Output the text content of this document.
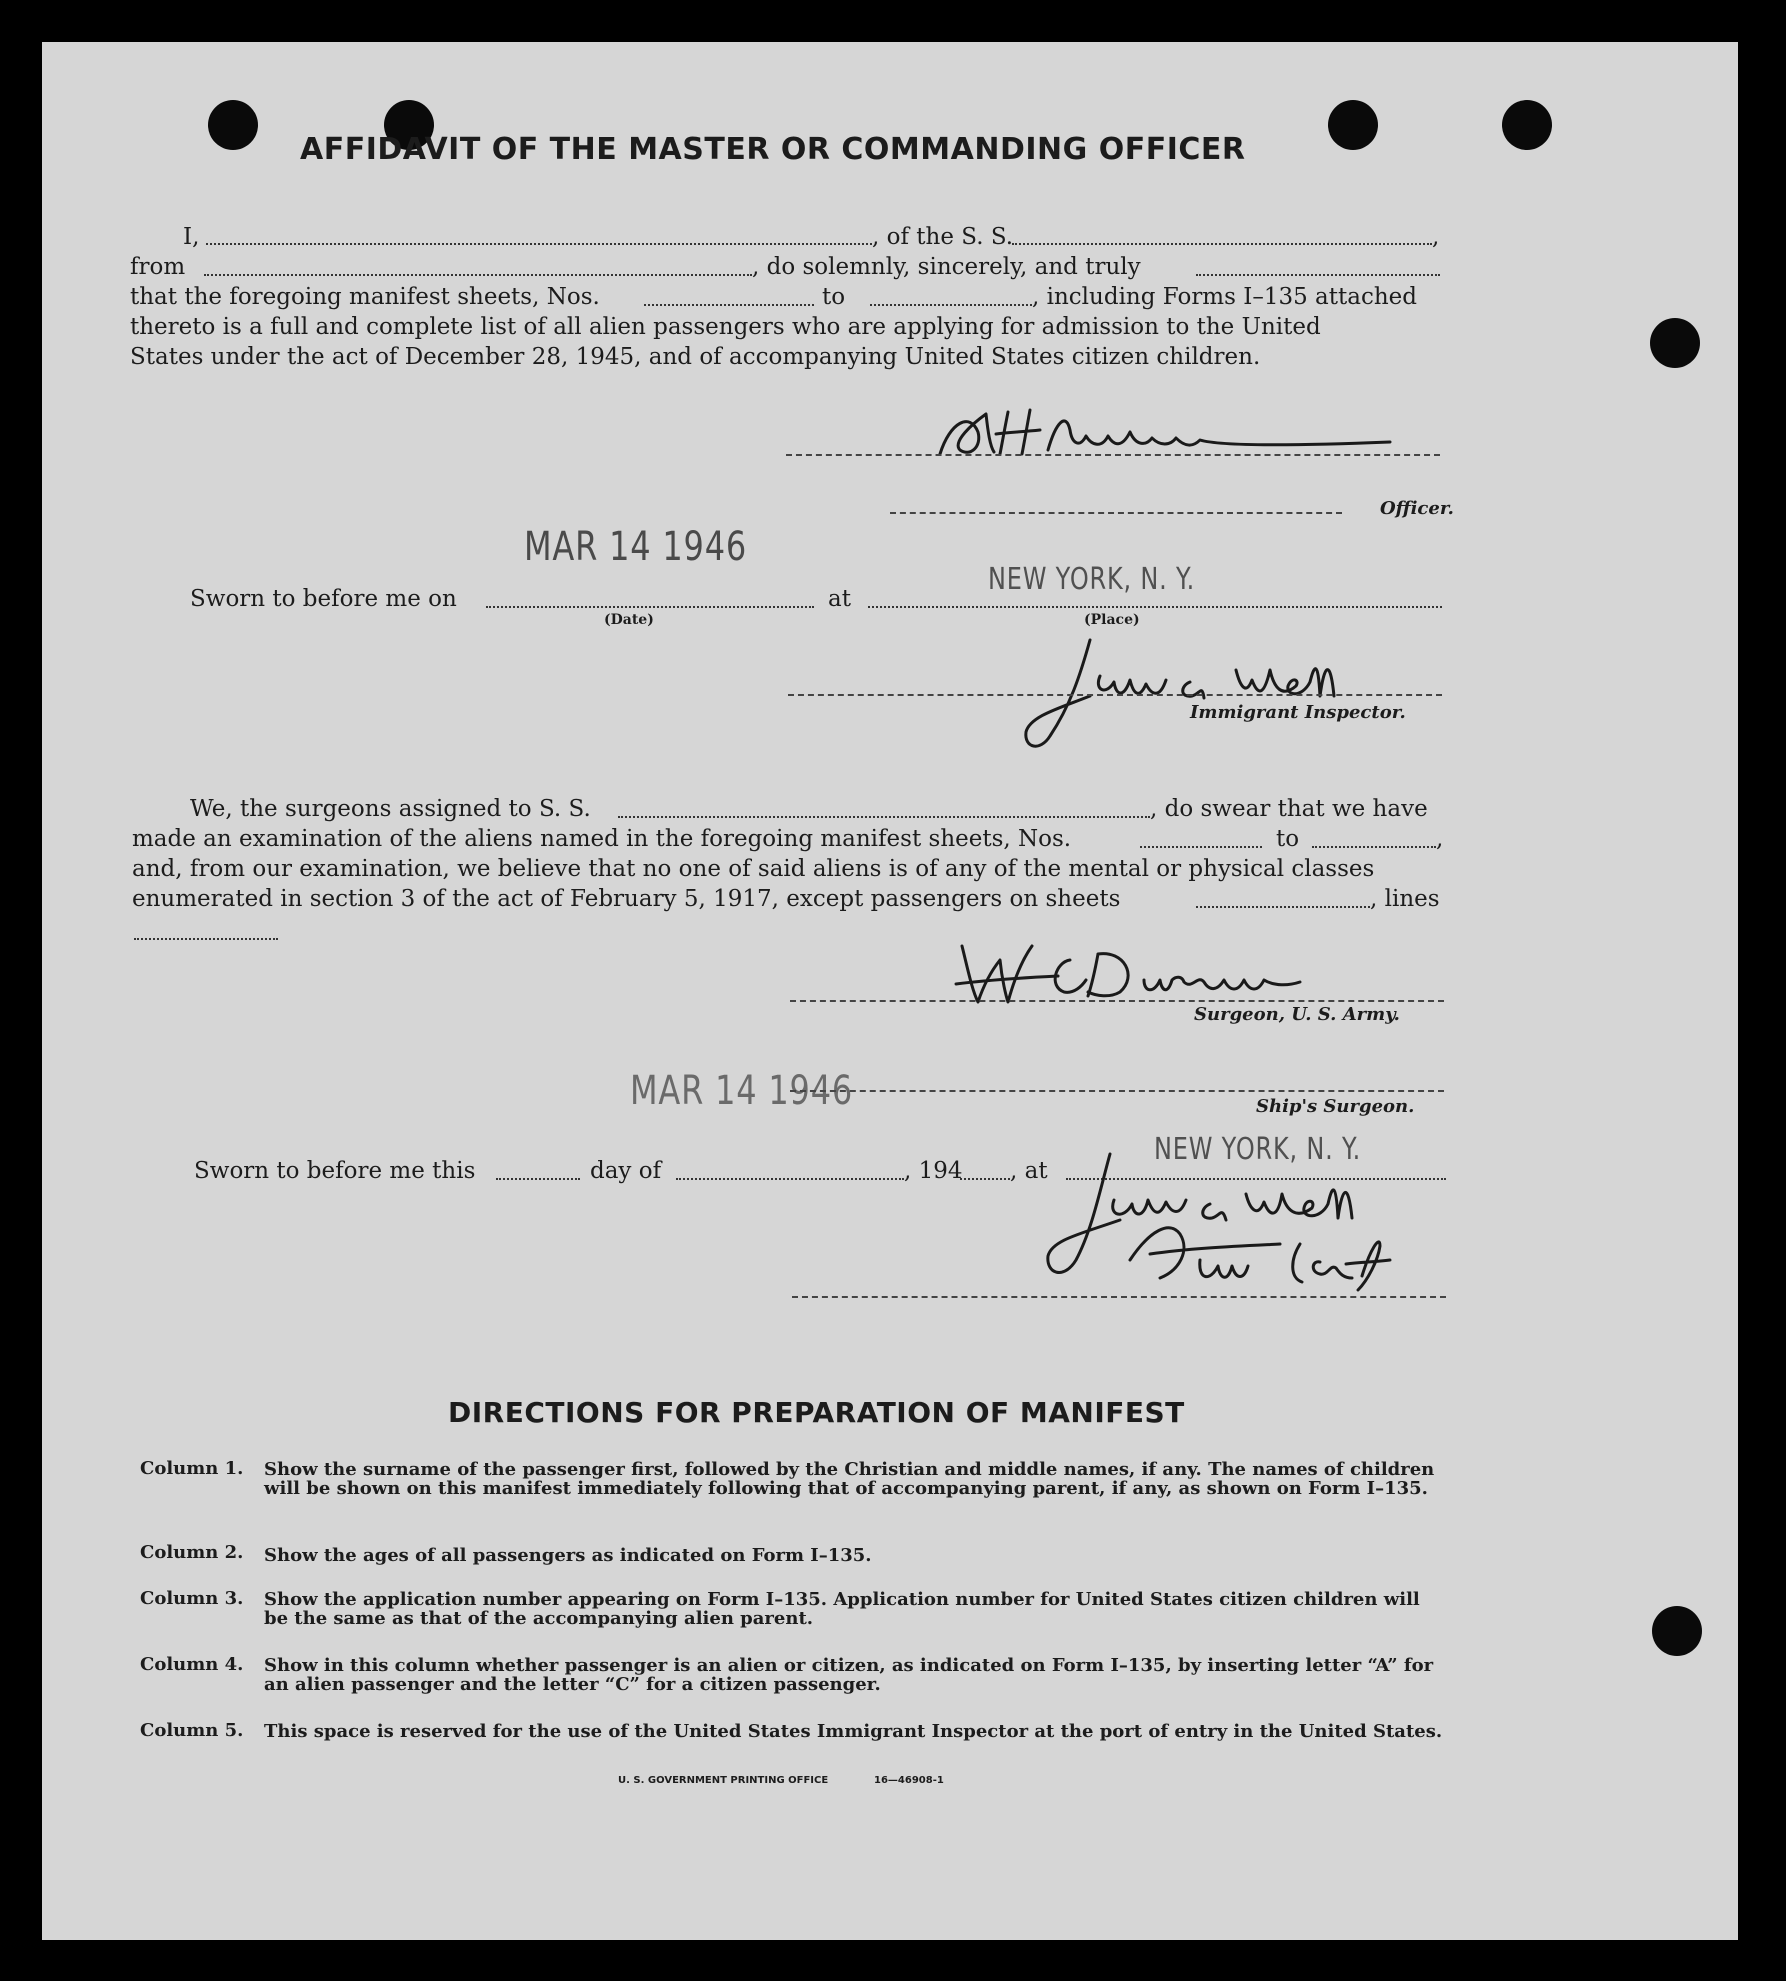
AFFIDAVIT OF THE MASTER OR COMMANDING OFFICER
I,	, of the S. S.	,
from	, do solemnly, sincerely, and truly
that the foregoing manifest sheets, Nos.	to	, including Forms I–135 attached
thereto is a full and complete list of all alien passengers who are applying for admission to the United
States under the act of December 28, 1945, and of accompanying United States citizen children.
Officer.
MAR 14 1946
NEW YORK, N. Y.
Sworn to before me on	at
(Date)	(Place)
Immigrant Inspector.
We, the surgeons assigned to S. S.	, do swear that we have
made an examination of the aliens named in the foregoing manifest sheets, Nos.	to	,
and, from our examination, we believe that no one of said aliens is of any of the mental or physical classes
enumerated in section 3 of the act of February 5, 1917, except passengers on sheets	, lines
Surgeon, U. S. Army.
MAR 14 1946	Ship's Surgeon.
NEW YORK, N. Y.
Sworn to before me this	day of	, 194 , at
DIRECTIONS FOR PREPARATION OF MANIFEST
Column 1. Show the surname of the passenger first, followed by the Christian and middle names, if any. The names of children will be shown on this manifest immediately following that of accompanying parent, if any, as shown on Form I–135.
Column 2. Show the ages of all passengers as indicated on Form I–135.
Column 3. Show the application number appearing on Form I–135. Application number for United States citizen children will be the same as that of the accompanying alien parent.
Column 4. Show in this column whether passenger is an alien or citizen, as indicated on Form I–135, by inserting letter “A” for an alien passenger and the letter “C” for a citizen passenger.
Column 5. This space is reserved for the use of the United States Immigrant Inspector at the port of entry in the United States.
U. S. GOVERNMENT PRINTING OFFICE	16—46908-1
